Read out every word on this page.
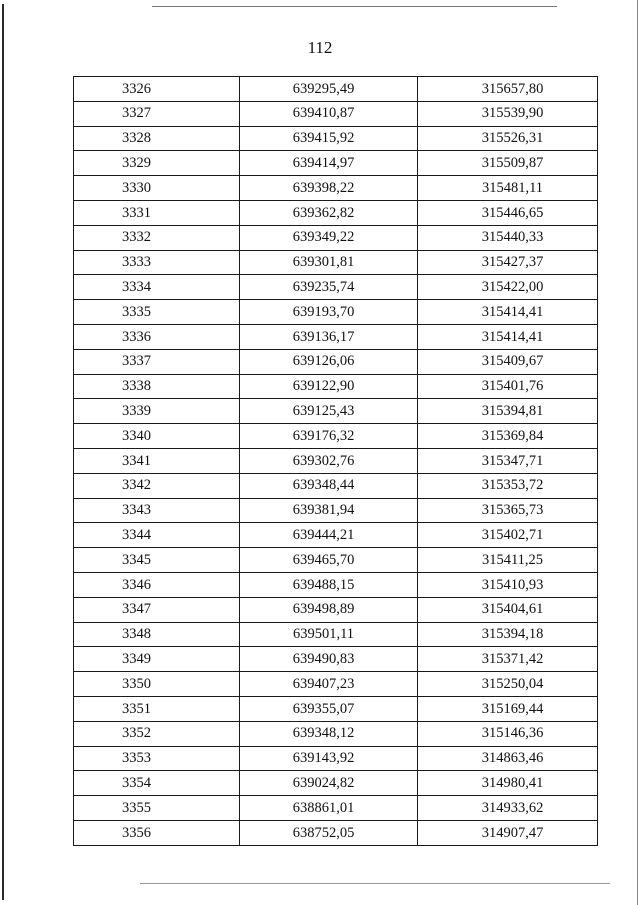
112
3326	639295,49	315657,80
3327	639410,87	315539,90
3328	639415,92	315526,31
3329	639414,97	315509,87
3330	639398,22	315481,11
3331	639362,82	315446,65
3332	639349,22	315440,33
3333	639301,81	315427,37
3334	639235,74	315422,00
3335	639193,70	315414,41
3336	639136,17	315414,41
3337	639126,06	315409,67
3338	639122,90	315401,76
3339	639125,43	315394,81
3340	639176,32	315369,84
3341	639302,76	315347,71
3342	639348,44	315353,72
3343	639381,94	315365,73
3344	639444,21	315402,71
3345	639465,70	315411,25
3346	639488,15	315410,93
3347	639498,89	315404,61
3348	639501,11	315394,18
3349	639490,83	315371,42
3350	639407,23	315250,04
3351	639355,07	315169,44
3352	639348,12	315146,36
3353	639143,92	314863,46
3354	639024,82	314980,41
3355	638861,01	314933,62
3356	638752,05	314907,47
